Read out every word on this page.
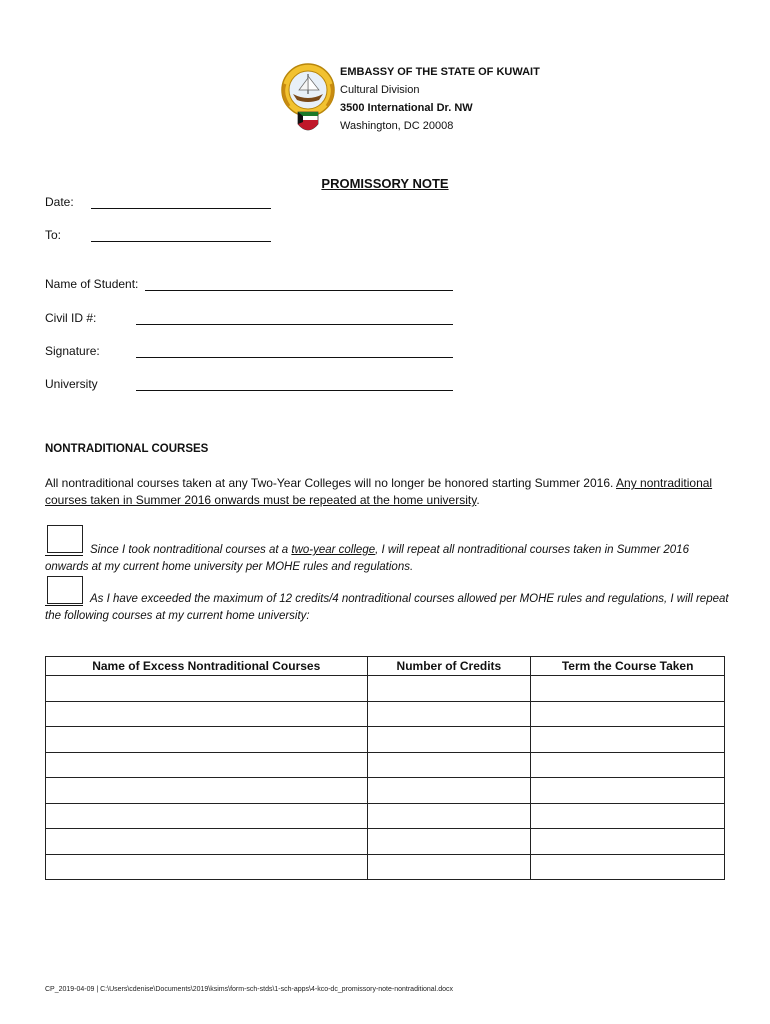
EMBASSY OF THE STATE OF KUWAIT
Cultural Division
3500 International Dr. NW
Washington, DC 20008
PROMISSORY NOTE
Date:
To:
Name of Student:
Civil ID #:
Signature:
University
NONTRADITIONAL COURSES
All nontraditional courses taken at any Two-Year Colleges will no longer be honored starting Summer 2016. Any nontraditional courses taken in Summer 2016 onwards must be repeated at the home university.
Since I took nontraditional courses at a two-year college, I will repeat all nontraditional courses taken in Summer 2016 onwards at my current home university per MOHE rules and regulations.
As I have exceeded the maximum of 12 credits/4 nontraditional courses allowed per MOHE rules and regulations, I will repeat the following courses at my current home university:
Name of Excess Nontraditional Courses	Number of Credits	Term the Course Taken

CP_2019-04-09 | C:\Users\cdenise\Documents\2019\ksims\form-sch-stds\1-sch-apps\4-kco-dc_promissory-note-nontraditional.docx
